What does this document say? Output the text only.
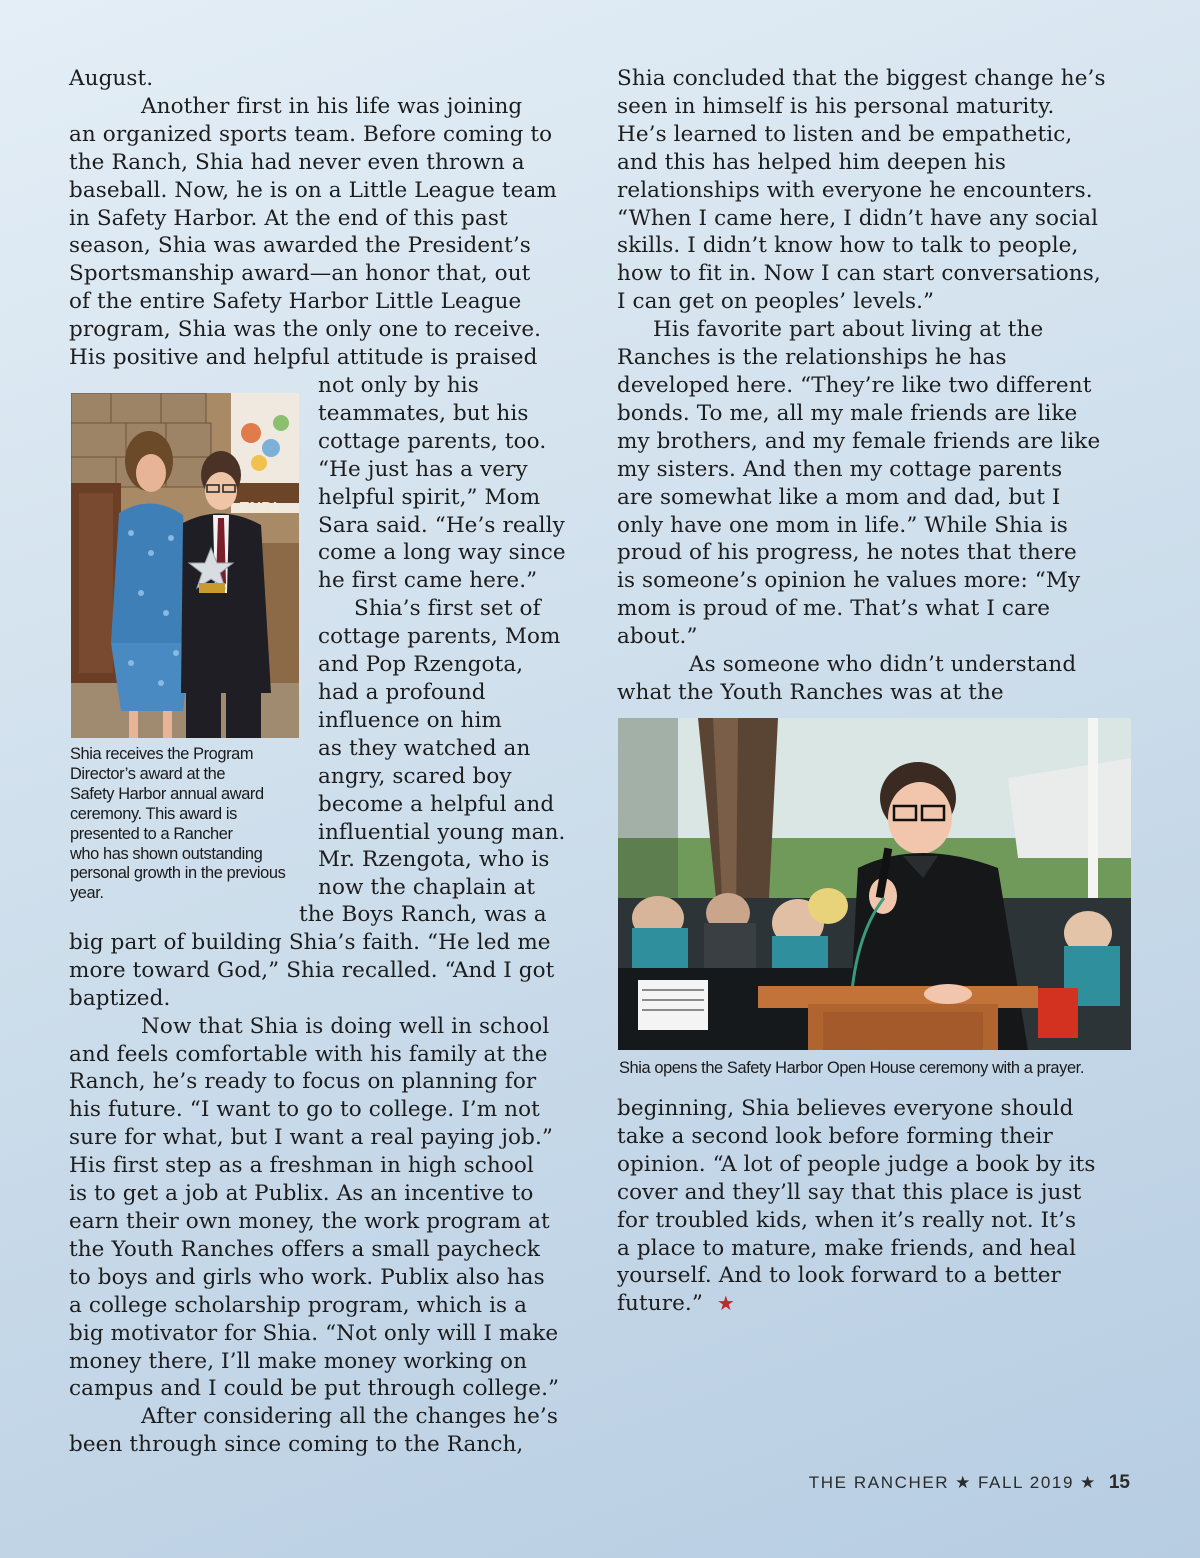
August.

Another first in his life was joining

an organized sports team. Before coming to

the Ranch, Shia had never even thrown a

baseball. Now, he is on a Little League team

in Safety Harbor. At the end of this past

season, Shia was awarded the President’s

Sportsmanship award—an honor that, out

of the entire Safety Harbor Little League

program, Shia was the only one to receive.

His positive and helpful attitude is praised

not only by his

teammates, but his

cottage parents, too.

“He just has a very

helpful spirit,” Mom

Sara said. “He’s really

come a long way since

he first came here.”

Shia’s first set of

cottage parents, Mom

and Pop Rzengota,

had a profound

influence on him

as they watched an

angry, scared boy

become a helpful and

influential young man.

Mr. Rzengota, who is

now the chaplain at

the Boys Ranch, was a

big part of building Shia’s faith. “He led me

more toward God,” Shia recalled. “And I got

baptized.

Now that Shia is doing well in school

and feels comfortable with his family at the

Ranch, he’s ready to focus on planning for

his future. “I want to go to college. I’m not

sure for what, but I want a real paying job.”

His first step as a freshman in high school

is to get a job at Publix. As an incentive to

earn their own money, the work program at

the Youth Ranches offers a small paycheck

to boys and girls who work. Publix also has

a college scholarship program, which is a

big motivator for Shia. “Not only will I make

money there, I’ll make money working on

campus and I could be put through college.”

After considering all the changes he’s

been through since coming to the Ranch,

ENDI

Shia receives the Program

Director’s award at the

Safety Harbor annual award

ceremony. This award is

presented to a Rancher

who has shown outstanding

personal growth in the previous

year.

Shia concluded that the biggest change he’s

seen in himself is his personal maturity.

He’s learned to listen and be empathetic,

and this has helped him deepen his

relationships with everyone he encounters.

“When I came here, I didn’t have any social

skills. I didn’t know how to talk to people,

how to fit in. Now I can start conversations,

I can get on peoples’ levels.”

His favorite part about living at the

Ranches is the relationships he has

developed here. “They’re like two different

bonds. To me, all my male friends are like

my brothers, and my female friends are like

my sisters. And then my cottage parents

are somewhat like a mom and dad, but I

only have one mom in life.” While Shia is

proud of his progress, he notes that there

is someone’s opinion he values more: “My

mom is proud of me. That’s what I care

about.”

As someone who didn’t understand

what the Youth Ranches was at the

Shia opens the Safety Harbor Open House ceremony with a prayer.

beginning, Shia believes everyone should

take a second look before forming their

opinion. “A lot of people judge a book by its

cover and they’ll say that this place is just

for troubled kids, when it’s really not. It’s

a place to mature, make friends, and heal

yourself. And to look forward to a better

future.” ★

THE RANCHER ★ FALL 2019 ★ 15
